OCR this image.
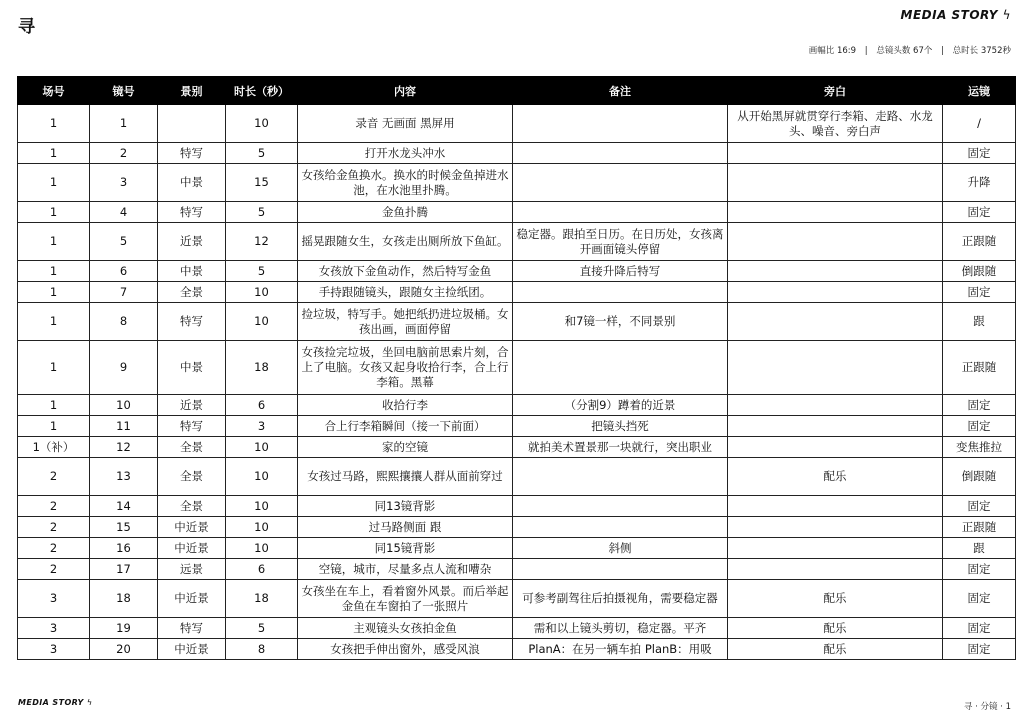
寻
MEDIA STORY ϟ
画幅比 16:9 | 总镜头数 67个 | 总时长 3752秒
场号	镜号	景别	时长（秒）	内容	备注	旁白	运镜
1	1		10	录音 无画面 黑屏用		从开始黑屏就贯穿行李箱、走路、水龙头、噪音、旁白声	/
1	2	特写	5	打开水龙头冲水			固定
1	3	中景	15	女孩给金鱼换水。换水的时候金鱼掉进水池，在水池里扑腾。			升降
1	4	特写	5	金鱼扑腾			固定
1	5	近景	12	摇晃跟随女生，女孩走出厕所放下鱼缸。	稳定器。跟拍至日历。在日历处，女孩离开画面镜头停留		正跟随
1	6	中景	5	女孩放下金鱼动作，然后特写金鱼	直接升降后特写		倒跟随
1	7	全景	10	手持跟随镜头，跟随女主捡纸团。			固定
1	8	特写	10	捡垃圾，特写手。她把纸扔进垃圾桶。女孩出画，画面停留	和7镜一样，不同景别		跟
1	9	中景	18	女孩捡完垃圾，坐回电脑前思索片刻，合上了电脑。女孩又起身收拾行李，合上行李箱。黑幕			正跟随
1	10	近景	6	收拾行李	（分割9）蹲着的近景		固定
1	11	特写	3	合上行李箱瞬间（接一下前面）	把镜头挡死		固定
1（补）	12	全景	10	家的空镜	就拍美术置景那一块就行，突出职业		变焦推拉
2	13	全景	10	女孩过马路，熙熙攘攘人群从面前穿过		配乐	倒跟随
2	14	全景	10	同13镜背影			固定
2	15	中近景	10	过马路侧面 跟			正跟随
2	16	中近景	10	同15镜背影	斜侧		跟
2	17	远景	6	空镜，城市，尽量多点人流和嘈杂			固定
3	18	中近景	18	女孩坐在车上，看着窗外风景。而后举起金鱼在车窗拍了一张照片	可参考副驾往后拍摄视角，需要稳定器	配乐	固定
3	19	特写	5	主观镜头女孩拍金鱼	需和以上镜头剪切，稳定器。平齐	配乐	固定
3	20	中近景	8	女孩把手伸出窗外，感受风浪	PlanA：在另一辆车拍 PlanB：用吸	配乐	固定
MEDIA STORY ϟ	寻 · 分镜 · 1
